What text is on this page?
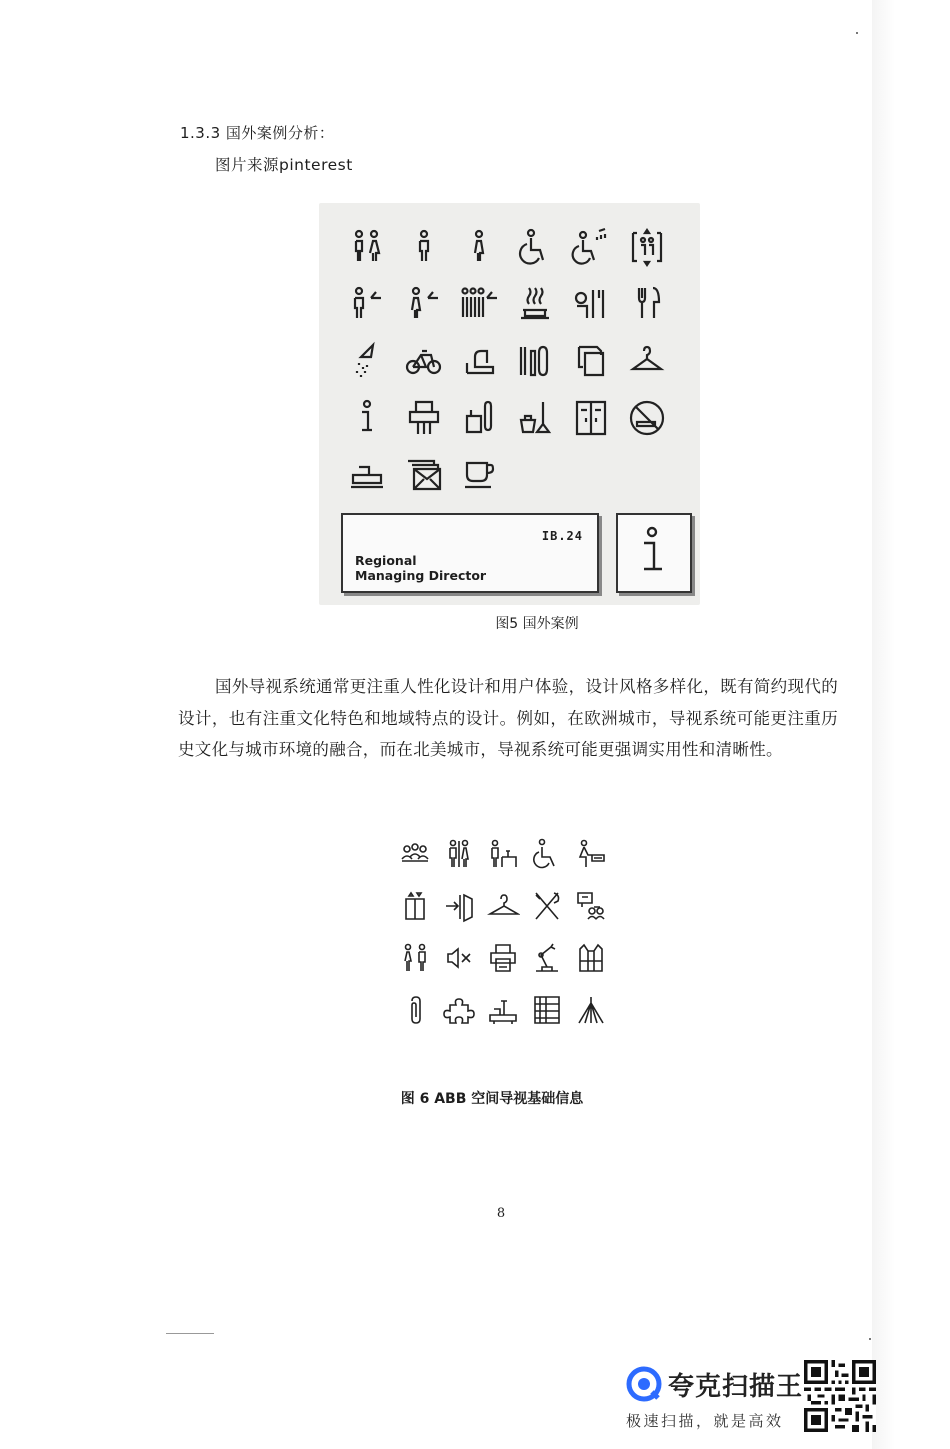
1.3.3 国外案例分析：
图片来源pinterest
IB.24
Regional
Managing Director
图5 国外案例
国外导视系统通常更注重人性化设计和用户体验，设计风格多样化，既有简约现代的设计，也有注重文化特色和地域特点的设计。例如，在欧洲城市，导视系统可能更注重历史文化与城市环境的融合，而在北美城市，导视系统可能更强调实用性和清晰性。
图 6 ABB 空间导视基础信息
8
夸克扫描王
极速扫描，就是高效
